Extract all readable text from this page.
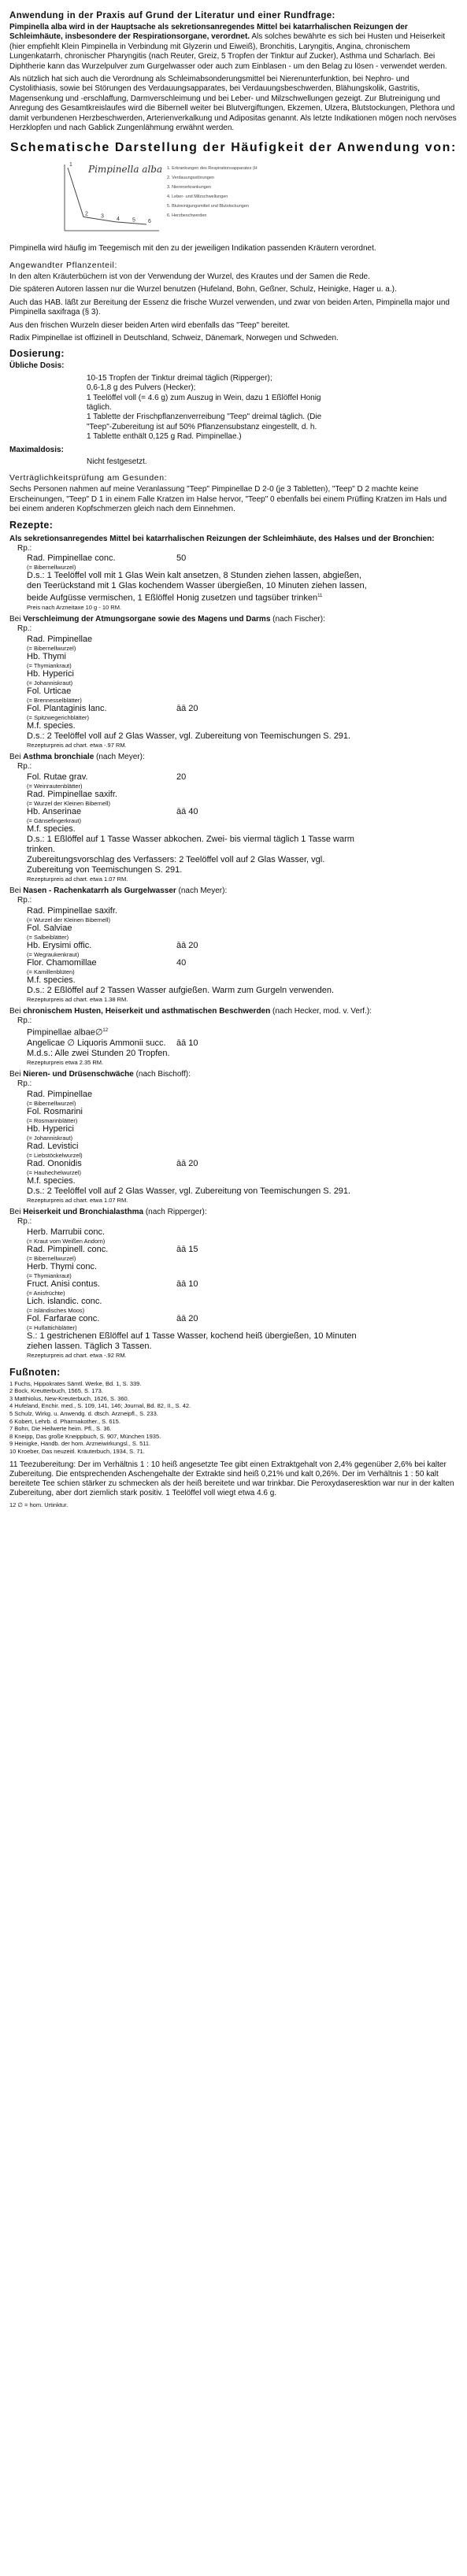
Anwendung in der Praxis auf Grund der Literatur und einer Rundfrage:

Pimpinella alba wird in der Hauptsache als sekretionsanregendes Mittel bei katarrhalischen Reizungen der Schleimhäute, insbesondere der Respirationsorgane, verordnet. Als solches bewährte es sich bei Husten und Heiserkeit (hier empfiehlt Klein Pimpinella in Verbindung mit Glyzerin und Eiweiß), Bronchitis, Laryngitis, Angina, chronischem Lungenkatarrh, chronischer Pharyngitis (nach Reuter, Greiz, 5 Tropfen der Tinktur auf Zucker), Asthma und Scharlach. Bei Diphtherie kann das Wurzelpulver zum Gurgelwasser oder auch zum Einblasen - um den Belag zu lösen - verwendet werden.

Als nützlich hat sich auch die Verordnung als Schleimabsonderungsmittel bei Nierenunterfunktion, bei Nephro- und Cystolithiasis, sowie bei Störungen des Verdauungsapparates, bei Verdauungsbeschwerden, Blähungskolik, Gastritis, Magensenkung und -erschlaffung, Darmverschleimung und bei Leber- und Milzschwellungen gezeigt. Zur Blutreinigung und Anregung des Gesamtkreislaufes wird die Bibernell weiter bei Blutvergiftungen, Ekzemen, Ulzera, Blutstockungen, Plethora und damit verbundenen Herzbeschwerden, Arterienverkalkung und Adipositas genannt. Als letzte Indikationen mögen noch nervöses Herzklopfen und nach Gablick Zungenlähmung erwähnt werden.

Schematische Darstellung der Häufigkeit der Anwendung von:
Pimpinella alba
1
2 3 4 5 6
1. Erkrankungen des Respirationsapparates (H
2. Verdauungsstörungen
3. Nierenerkrankungen
4. Leber- und Milzschwellungen
5. Blutreinigungsmittel und Blutstockungen
6. Herzbeschwerden

Pimpinella wird häufig im Teegemisch mit den zu der jeweiligen Indikation passenden Kräutern verordnet.

Angewandter Pflanzenteil:

In den alten Kräuterbüchern ist von der Verwendung der Wurzel, des Krautes und der Samen die Rede.

Die späteren Autoren lassen nur die Wurzel benutzen (Hufeland, Bohn, Geßner, Schulz, Heinigke, Hager u. a.).

Auch das HAB. läßt zur Bereitung der Essenz die frische Wurzel verwenden, und zwar von beiden Arten, Pimpinella major und Pimpinella saxifraga (§ 3).

Aus den frischen Wurzeln dieser beiden Arten wird ebenfalls das "Teep" bereitet.

Radix Pimpinellae ist offizinell in Deutschland, Schweiz, Dänemark, Norwegen und Schweden.

Dosierung:
Übliche Dosis:
10-15 Tropfen der Tinktur dreimal täglich (Ripperger);
0,6-1,8 g des Pulvers (Hecker);
1 Teelöffel voll (= 4.6 g) zum Auszug in Wein, dazu 1 Eßlöffel Honig täglich.
1 Tablette der Frischpflanzenverreibung "Teep" dreimal täglich. (Die "Teep"-Zubereitung ist auf 50% Pflanzensubstanz eingestellt, d. h. 1 Tablette enthält 0,125 g Rad. Pimpinellae.)
Maximaldosis:
Nicht festgesetzt.
Verträglichkeitsprüfung am Gesunden:

Sechs Personen nahmen auf meine Veranlassung "Teep" Pimpinellae D 2-0 (je 3 Tabletten), "Teep" D 2 machte keine Erscheinungen, "Teep" D 1 in einem Falle Kratzen im Halse hervor, "Teep" 0 ebenfalls bei einem Prüfling Kratzen im Hals und bei einem anderen Kopfschmerzen gleich nach dem Einnehmen.

Rezepte:
Als sekretionsanregendes Mittel bei katarrhalischen Reizungen der Schleimhäute, des Halses und der Bronchien:
Rp.:
Rad. Pimpinellae conc.	50
(= Bibernellwurzel)
D.s.: 1 Teelöffel voll mit 1 Glas Wein kalt ansetzen, 8 Stunden ziehen lassen, abgießen, den Teerückstand mit 1 Glas kochendem Wasser übergießen, 10 Minuten ziehen lassen, beide Aufgüsse vermischen, 1 Eßlöffel Honig zusetzen und tagsüber trinken$^{11}$
Preis nach Arzneitaxe 10 g - 10 RM.
Bei Verschleimung der Atmungsorgane sowie des Magens und Darms (nach Fischer):
Rp.:
Rad. Pimpinellae
(= Bibernellwurzel)
Hb. Thymi
(= Thymiankraut)
Hb. Hyperici
(= Johanniskraut)
Fol. Urticae
(= Brennesselblätter)
Fol. Plantaginis lanc.	āā 20
(= Spitzwegerichblätter)
M.f. species.
D.s.: 2 Teelöffel voll auf 2 Glas Wasser, vgl. Zubereitung von Teemischungen S. 291.
Rezepturpreis ad chart. etwa -.97 RM.
Bei Asthma bronchiale (nach Meyer):
Rp.:
Fol. Rutae grav.	20
(= Weinrautenblätter)
Rad. Pimpinellae saxifr.
(= Wurzel der Kleinen Bibernell)
Hb. Anserinae	āā 40
(= Gänsefingerkraut)
M.f. species.
D.s.: 1 Eßlöffel auf 1 Tasse Wasser abkochen. Zwei- bis viermal täglich 1 Tasse warm trinken.
Zubereitungsvorschlag des Verfassers: 2 Teelöffel voll auf 2 Glas Wasser, vgl. Zubereitung von Teemischungen S. 291.
Rezepturpreis ad chart. etwa 1.07 RM.
Bei Nasen - Rachenkatarrh als Gurgelwasser (nach Meyer):
Rp.:
Rad. Pimpinellae saxifr.
(= Wurzel der Kleinen Bibernell)
Fol. Salviae
(= Salbeiblätter)
Hb. Erysimi offic.	āā 20
(= Wegraukenkraut)
Flor. Chamomillae	40
(= Kamillenblüten)
M.f. species.
D.s.: 2 Eßlöffel auf 2 Tassen Wasser aufgießen. Warm zum Gurgeln verwenden.
Rezepturpreis ad chart. etwa 1.38 RM.
Bei chronischem Husten, Heiserkeit und asthmatischen Beschwerden (nach Hecker, mod. v. Verf.):
Rp.:
Pimpinellae albae∅$^{12}$
Angelicae ∅ Liquoris Ammonii succ.	āā 10
M.d.s.: Alle zwei Stunden 20 Tropfen.
Rezepturpreis etwa 2.35 RM.
Bei Nieren- und Drüsenschwäche (nach Bischoff):
Rp.:
Rad. Pimpinellae
(= Bibernellwurzel)
Fol. Rosmarini
(= Rosmarinblätter)
Hb. Hyperici
(= Johanniskraut)
Rad. Levistici
(= Liebstöckelwurzel)
Rad. Ononidis	āā 20
(= Hauhechelwurzel)
M.f. species.
D.s.: 2 Teelöffel voll auf 2 Glas Wasser, vgl. Zubereitung von Teemischungen S. 291.
Rezepturpreis ad chart. etwa 1.07 RM.
Bei Heiserkeit und Bronchialasthma (nach Ripperger):
Rp.:
Herb. Marrubii conc.
(= Kraut vom Weißen Andorn)
Rad. Pimpinell. conc.	āā 15
(= Bibernellwurzel)
Herb. Thymi conc.
(= Thymiankraut)
Fruct. Anisi contus.	āā 10
(= Anisfrüchte)
Lich. islandic. conc.
(= Isländisches Moos)
Fol. Farfarae conc.	āā 20
(= Huflattichblätter)
S.: 1 gestrichenen Eßlöffel auf 1 Tasse Wasser, kochend heiß übergießen, 10 Minuten ziehen lassen. Täglich 3 Tassen.
Rezepturpreis ad chart. etwa -.92 RM.
Fußnoten:

1 Fuchs, Hippokrates Sämtl. Werke, Bd. 1, S. 339.

2 Bock, Kreutterbuch, 1565, S. 173.

3 Matthiolus, New-Kreuterbuch, 1626, S. 360.

4 Hufeland, Enchir. med., S. 109, 141, 146; Journal, Bd. 82, II., S. 42.

5 Schulz, Wirkg. u. Anwendg. d. dtsch. Arzneipfl., S. 233.

6 Kobert, Lehrb. d. Pharmakother., S. 615.

7 Bohn, Die Heilwerte heim. Pfl., S. 36.

8 Kneipp, Das große Kneippbuch, S. 907, München 1935.

9 Heinigke, Handb. der hom. Arzneiwirkungsl., S. 511.

10 Kroeber, Das neuzeitl. Kräuterbuch, 1934, S. 71.

11 Teezubereitung: Der im Verhältnis 1 : 10 heiß angesetzte Tee gibt einen Extraktgehalt von 2,4% gegenüber 2,6% bei kalter Zubereitung. Die entsprechenden Aschengehalte der Extrakte sind heiß 0,21% und kalt 0,26%. Der im Verhältnis 1 : 50 kalt bereitete Tee schien stärker zu schmecken als der heiß bereitete und war trinkbar. Die Peroxydaseresktion war nur in der kalten Zubereitung, aber dort ziemlich stark positiv. 1 Teelöffel voll wiegt etwa 4.6 g.

12 ∅ = hom. Urtinktur.
